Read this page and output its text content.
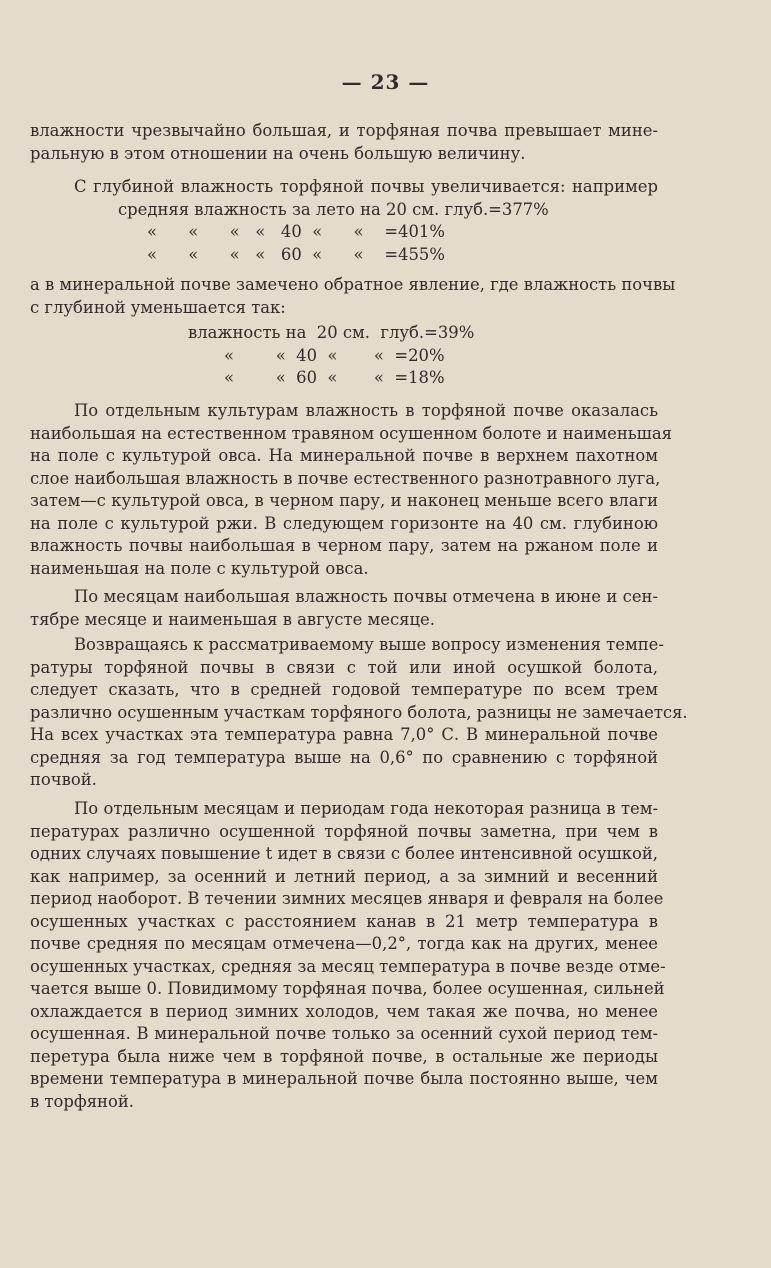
— 23 —
влажности чрезвычайно большая, и торфяная почва превышает мине-
ральную в этом отношении на очень большую величину.
С глубиной влажность торфяной почвы увеличивается: например
средняя влажность за лето на 20 см. глуб.=377%
«      «      «   «   40  «      «    =401%
«      «      «   «   60  «      «    =455%
а в минеральной почве замечено обратное явление, где влажность почвы
с глубиной уменьшается так:
влажность на  20 см.  глуб.=39%
«        «  40  «       «  =20%
«        «  60  «       «  =18%
По отдельным культурам влажность в торфяной почве оказалась
наибольшая на естественном травяном осушенном болоте и наименьшая
на поле с культурой овса. На минеральной почве в верхнем пахотном
слое наибольшая влажность в почве естественного разнотравного луга,
затем—с культурой овса, в черном пару, и наконец меньше всего влаги
на поле с культурой ржи. В следующем горизонте на 40 см. глубиною
влажность почвы наибольшая в черном пару, затем на ржаном поле и
наименьшая на поле с культурой овса.
По месяцам наибольшая влажность почвы отмечена в июне и сен-
тябре месяце и наименьшая в августе месяце.
Возвращаясь к рассматриваемому выше вопросу изменения темпе-
ратуры торфяной почвы в связи с той или иной осушкой болота,
следует сказать, что в средней годовой температуре по всем трем
различно осушенным участкам торфяного болота, разницы не замечается.
На всех участках эта температура равна 7,0° С. В минеральной почве
средняя за год температура выше на 0,6° по сравнению с торфяной
почвой.
По отдельным месяцам и периодам года некоторая разница в тем-
пературах различно осушенной торфяной почвы заметна, при чем в
одних случаях повышение t идет в связи с более интенсивной осушкой,
как например, за осенний и летний период, а за зимний и весенний
период наоборот. В течении зимних месяцев января и февраля на более
осушенных участках с расстоянием канав в 21 метр температура в
почве средняя по месяцам отмечена—0,2°, тогда как на других, менее
осушенных участках, средняя за месяц температура в почве везде отме-
чается выше 0. Повидимому торфяная почва, более осушенная, сильней
охлаждается в период зимних холодов, чем такая же почва, но менее
осушенная. В минеральной почве только за осенний сухой период тем-
перетура была ниже чем в торфяной почве, в остальные же периоды
времени температура в минеральной почве была постоянно выше, чем
в торфяной.
